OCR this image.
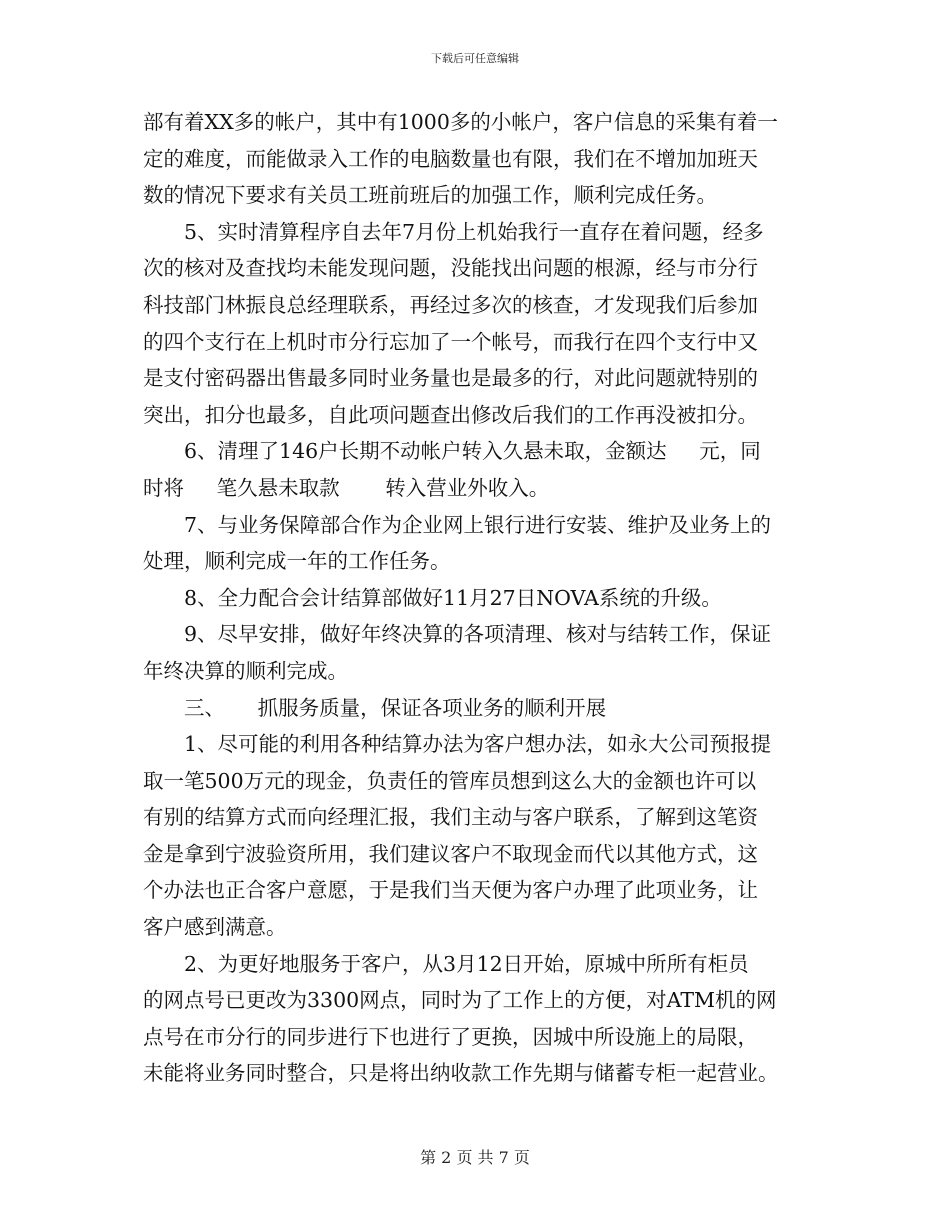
下载后可任意编辑
部有着XX多的帐户，其中有1000多的小帐户，客户信息的采集有着一
定的难度，而能做录入工作的电脑数量也有限，我们在不增加加班天
数的情况下要求有关员工班前班后的加强工作，顺利完成任务。
5、实时清算程序自去年7月份上机始我行一直存在着问题，经多
次的核对及查找均未能发现问题，没能找出问题的根源，经与市分行
科技部门林振良总经理联系，再经过多次的核查，才发现我们后参加
的四个支行在上机时市分行忘加了一个帐号，而我行在四个支行中又
是支付密码器出售最多同时业务量也是最多的行，对此问题就特别的
突出，扣分也最多，自此项问题查出修改后我们的工作再没被扣分。
6、清理了146户长期不动帐户转入久悬未取，金额达     元，同
时将     笔久悬未取款       转入营业外收入。
7、与业务保障部合作为企业网上银行进行安装、维护及业务上的
处理，顺利完成一年的工作任务。
8、全力配合会计结算部做好11月27日NOVA系统的升级。
9、尽早安排，做好年终决算的各项清理、核对与结转工作，保证
年终决算的顺利完成。
三、     抓服务质量，保证各项业务的顺利开展
1、尽可能的利用各种结算办法为客户想办法，如永大公司预报提
取一笔500万元的现金，负责任的管库员想到这么大的金额也许可以
有别的结算方式而向经理汇报，我们主动与客户联系，了解到这笔资
金是拿到宁波验资所用，我们建议客户不取现金而代以其他方式，这
个办法也正合客户意愿，于是我们当天便为客户办理了此项业务，让
客户感到满意。
2、为更好地服务于客户，从3月12日开始，原城中所所有柜员
的网点号已更改为3300网点，同时为了工作上的方便，对ATM机的网
点号在市分行的同步进行下也进行了更换，因城中所设施上的局限，
未能将业务同时整合，只是将出纳收款工作先期与储蓄专柜一起营业。
第 2 页 共 7 页
